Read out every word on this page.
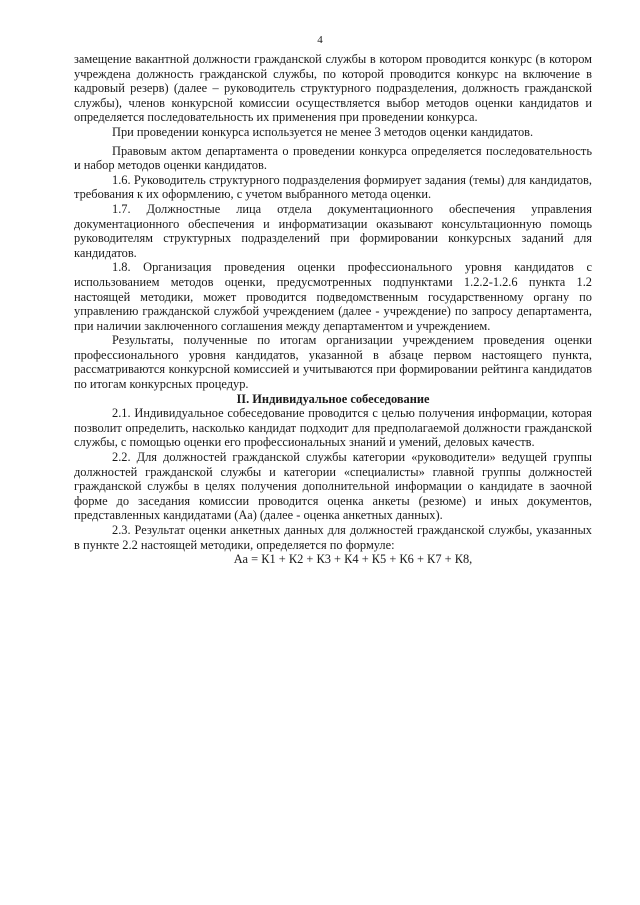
4

замещение вакантной должности гражданской службы в котором проводится конкурс (в котором учреждена должность гражданской службы, по которой проводится конкурс на включение в кадровый резерв) (далее – руководитель структурного подразделения, должность гражданской службы), членов конкурсной комиссии осуществляется выбор методов оценки кандидатов и определяется последовательность их применения при проведении конкурса.

При проведении конкурса используется не менее 3 методов оценки кандидатов.

Правовым актом департамента о проведении конкурса определяется последовательность и набор методов оценки кандидатов.

1.6. Руководитель структурного подразделения формирует задания (темы) для кандидатов, требования к их оформлению, с учетом выбранного метода оценки.

1.7. Должностные лица отдела документационного обеспечения управления документационного обеспечения и информатизации оказывают консультационную помощь руководителям структурных подразделений при формировании конкурсных заданий для кандидатов.

1.8. Организация проведения оценки профессионального уровня кандидатов с использованием методов оценки, предусмотренных подпунктами 1.2.2-1.2.6 пункта 1.2 настоящей методики, может проводится подведомственным государственному органу по управлению гражданской службой учреждением (далее - учреждение) по запросу департамента, при наличии заключенного соглашения между департаментом и учреждением.

Результаты, полученные по итогам организации учреждением проведения оценки профессионального уровня кандидатов, указанной в абзаце первом настоящего пункта, рассматриваются конкурсной комиссией и учитываются при формировании рейтинга кандидатов по итогам конкурсных процедур.

II. Индивидуальное собеседование

2.1. Индивидуальное собеседование проводится с целью получения информации, которая позволит определить, насколько кандидат подходит для предполагаемой должности гражданской службы, с помощью оценки его профессиональных знаний и умений, деловых качеств.

2.2. Для должностей гражданской службы категории «руководители» ведущей группы должностей гражданской службы и категории «специалисты» главной группы должностей гражданской службы в целях получения дополнительной информации о кандидате в заочной форме до заседания комиссии проводится оценка анкеты (резюме) и иных документов, представленных кандидатами (Аа) (далее - оценка анкетных данных).

2.3. Результат оценки анкетных данных для должностей гражданской службы, указанных в пункте 2.2 настоящей методики, определяется по формуле:

Аа = К1 + К2 + К3 + К4 + К5 + К6 + К7 + К8,
